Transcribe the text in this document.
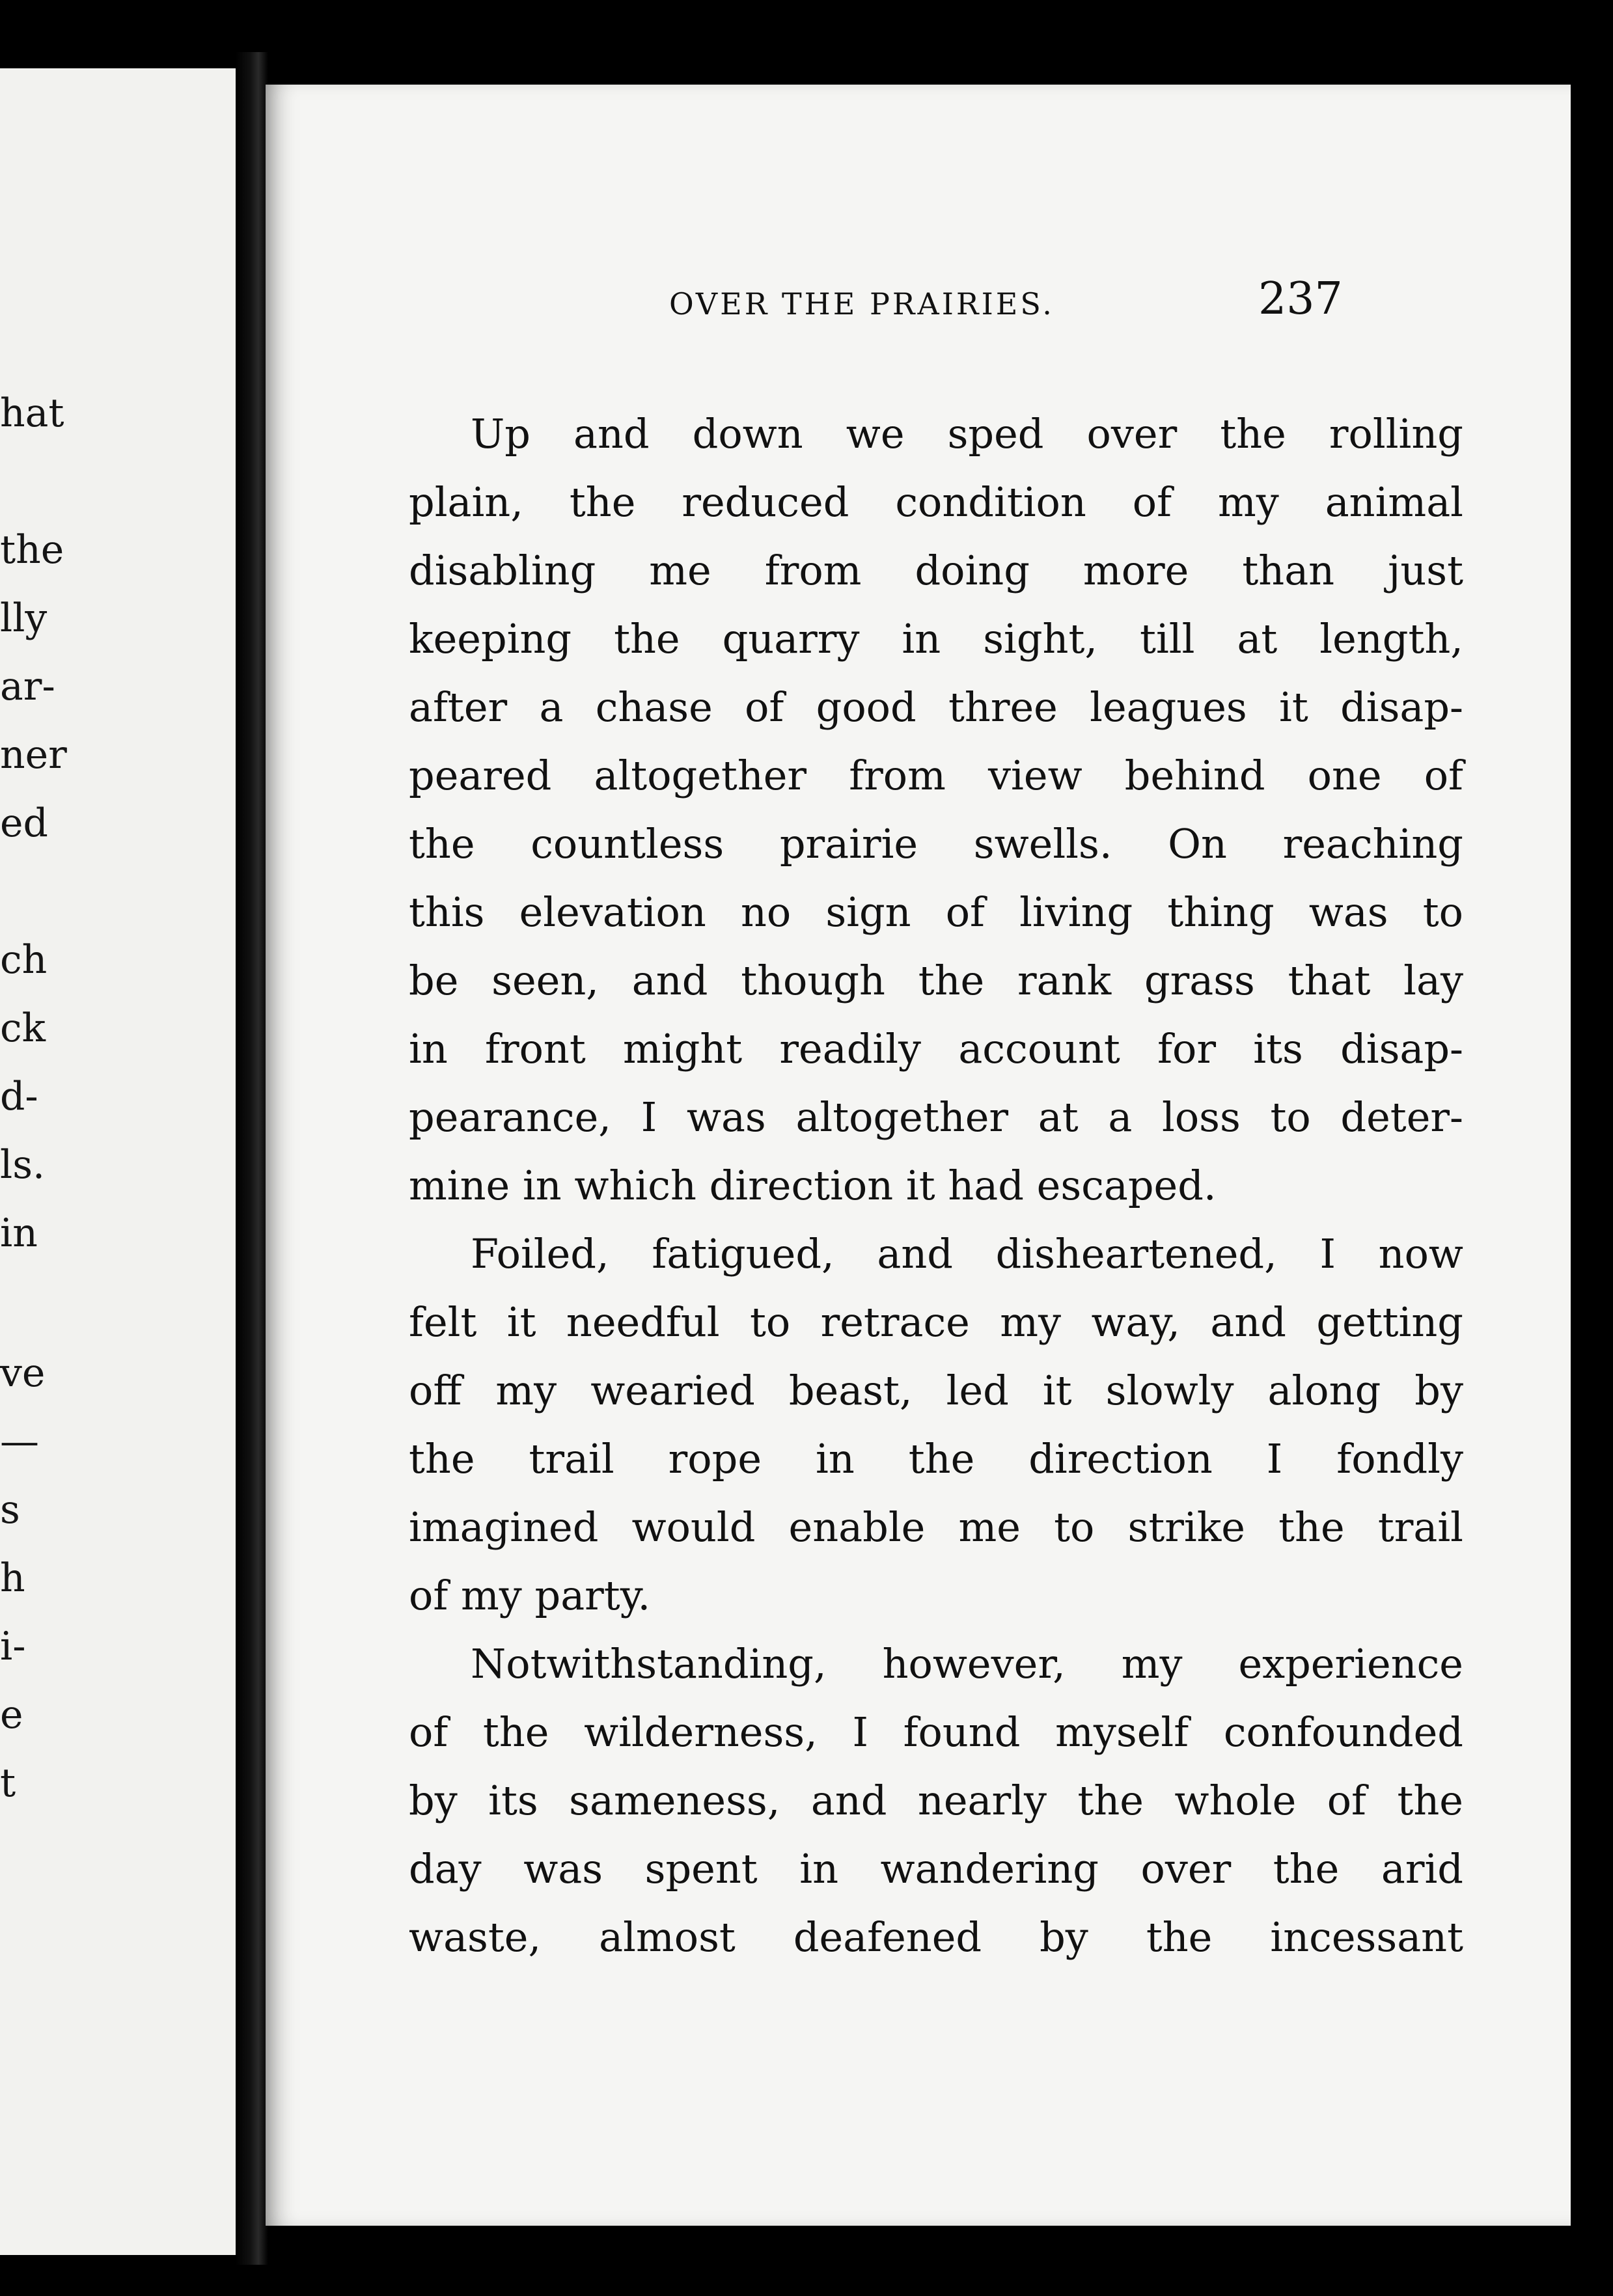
hat
the
lly
ar-
ner
ed
ch
ck
d-
ls.
in
ve
—
s
h
i-
e
t
OVER THE PRAIRIES.	237
Up and down we sped over the rolling
plain, the reduced condition of my animal
disabling me from doing more than just
keeping the quarry in sight, till at length,
after a chase of good three leagues it disap-
peared altogether from view behind one of
the countless prairie swells. On reaching
this elevation no sign of living thing was to
be seen, and though the rank grass that lay
in front might readily account for its disap-
pearance, I was altogether at a loss to deter-
mine in which direction it had escaped.
Foiled, fatigued, and disheartened, I now
felt it needful to retrace my way, and getting
off my wearied beast, led it slowly along by
the trail rope in the direction I fondly
imagined would enable me to strike the trail
of my party.
Notwithstanding, however, my experience
of the wilderness, I found myself confounded
by its sameness, and nearly the whole of the
day was spent in wandering over the arid
waste, almost deafened by the incessant
